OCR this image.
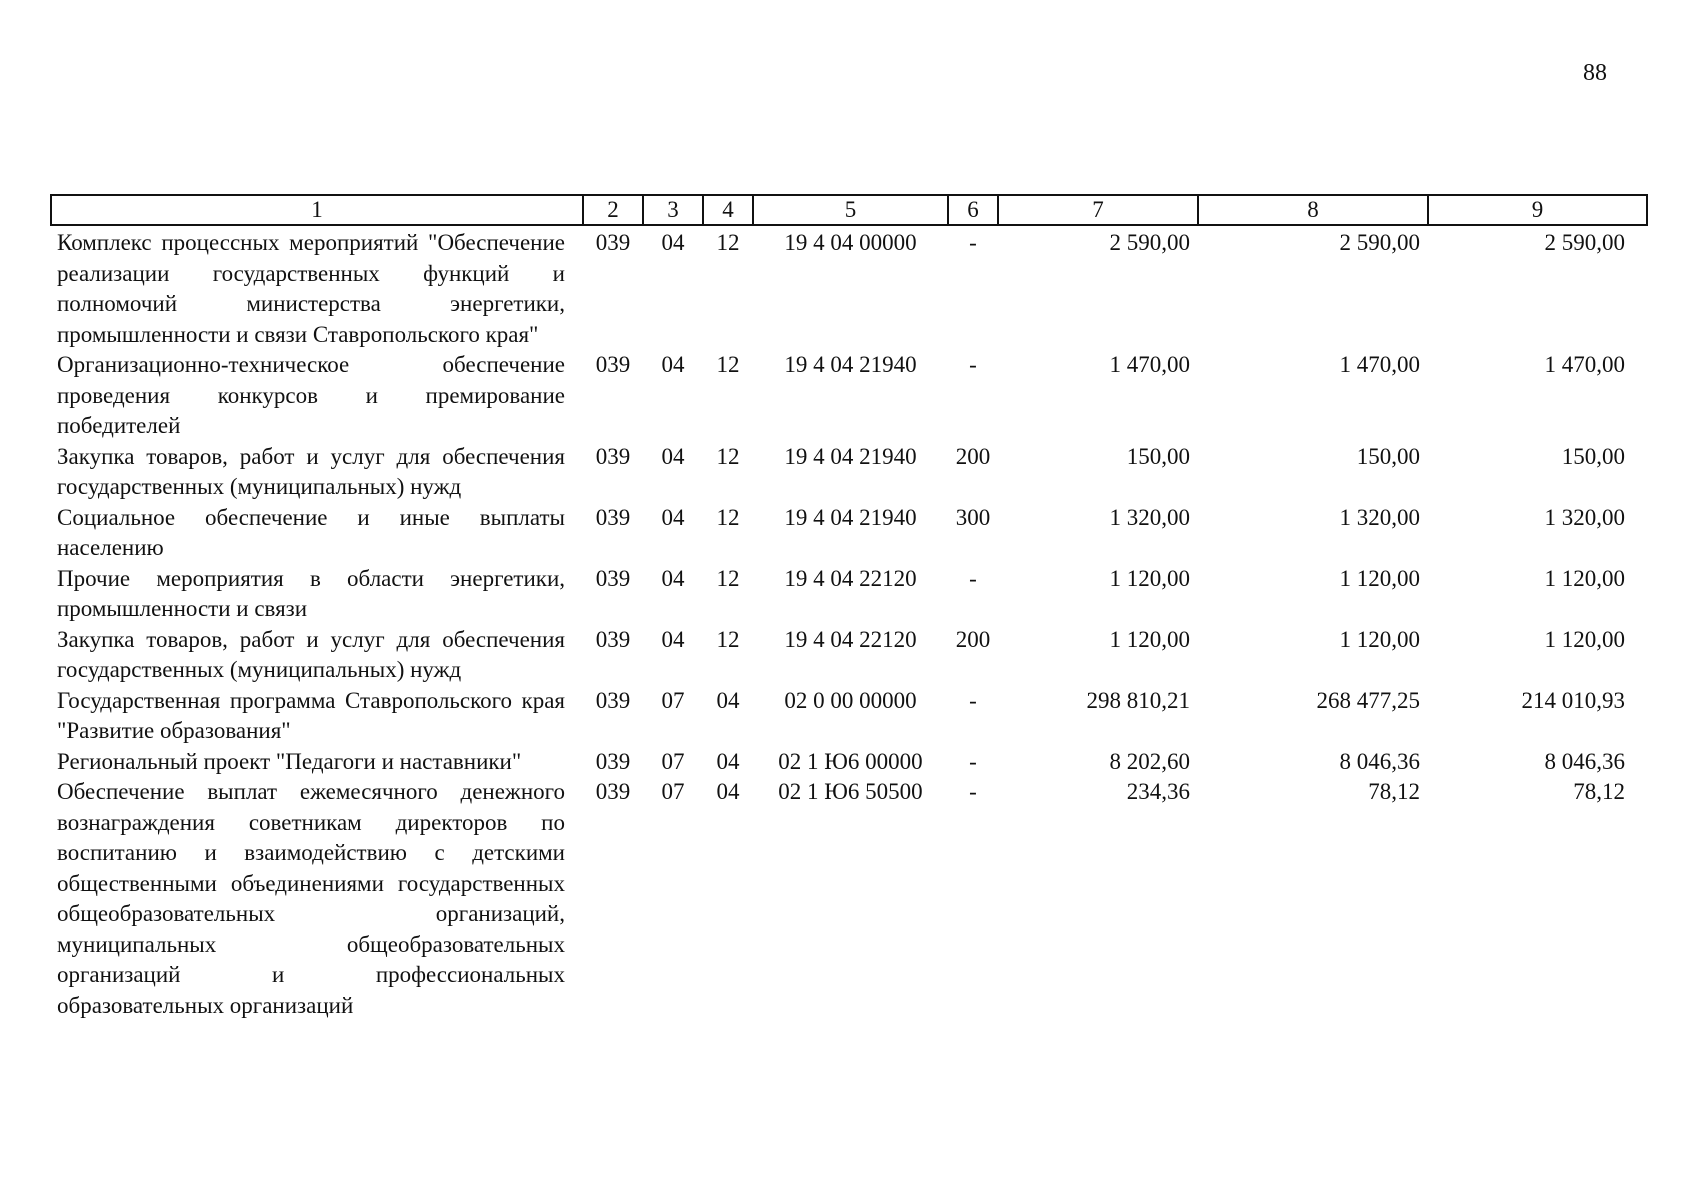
88
1	2	3	4	5	6	7	8	9
Комплекс процессных мероприятий "Обеспечение реализации государственных функций и полномочий министерства энергетики, промышленности и связи Ставропольского края"	039	04	12	19 4 04 00000	-	2 590,00	2 590,00	2 590,00
Организационно-техническое обеспечение проведения конкурсов и премирование победителей	039	04	12	19 4 04 21940	-	1 470,00	1 470,00	1 470,00
Закупка товаров, работ и услуг для обеспечения государственных (муниципальных) нужд	039	04	12	19 4 04 21940	200	150,00	150,00	150,00
Социальное обеспечение и иные выплаты населению	039	04	12	19 4 04 21940	300	1 320,00	1 320,00	1 320,00
Прочие мероприятия в области энергетики, промышленности и связи	039	04	12	19 4 04 22120	-	1 120,00	1 120,00	1 120,00
Закупка товаров, работ и услуг для обеспечения государственных (муниципальных) нужд	039	04	12	19 4 04 22120	200	1 120,00	1 120,00	1 120,00
Государственная программа Ставропольского края "Развитие образования"	039	07	04	02 0 00 00000	-	298 810,21	268 477,25	214 010,93
Региональный проект "Педагоги и наставники"	039	07	04	02 1 Ю6 00000	-	8 202,60	8 046,36	8 046,36
Обеспечение выплат ежемесячного денежного вознаграждения советникам директоров по воспитанию и взаимодействию с детскими общественными объединениями государственных общеобразовательных организаций, муниципальных общеобразовательных организаций и профессиональных образовательных организаций	039	07	04	02 1 Ю6 50500	-	234,36	78,12	78,12
